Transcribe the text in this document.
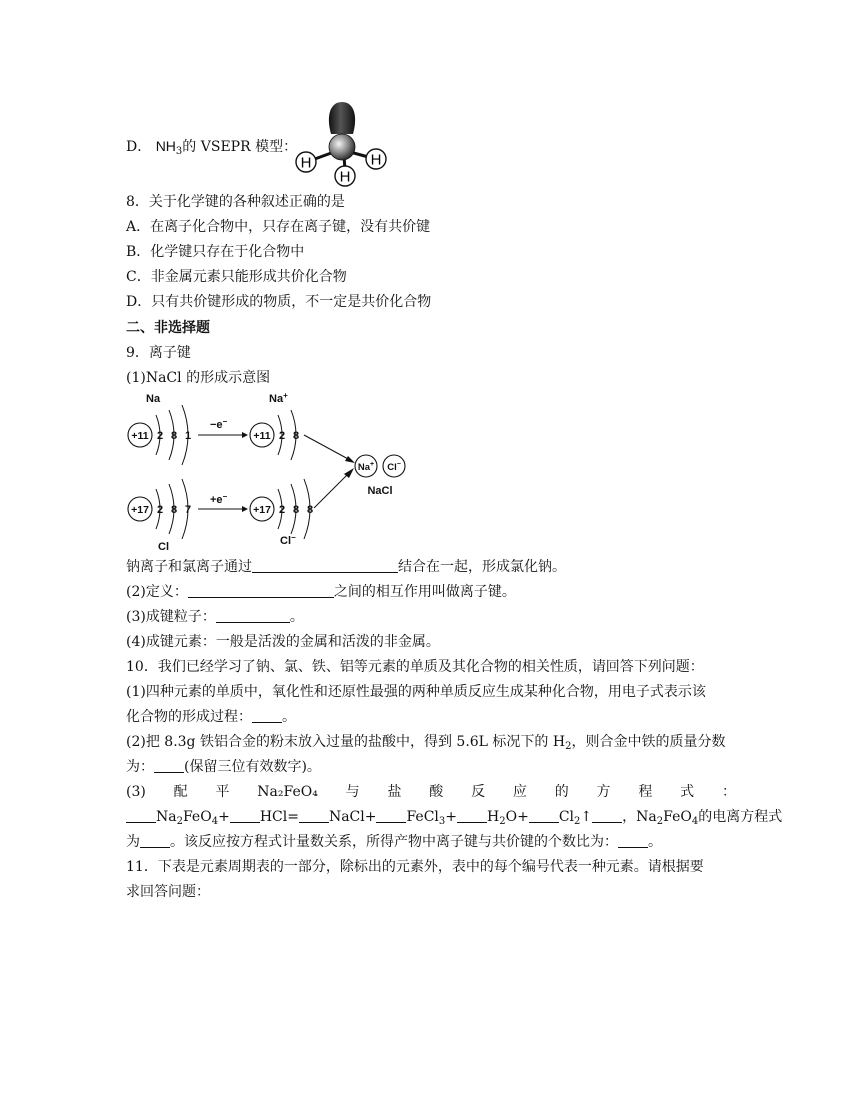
D． $NH_3$的 VSEPR 模型：
H	H
H
8．关于化学键的各种叙述正确的是
A．在离子化合物中，只存在离子键，没有共价键
B．化学键只存在于化合物中
C．非金属元素只能形成共价化合物
D．只有共价键形成的物质，不一定是共价化合物
二、非选择题
9．离子键
(1)NaCl 的形成示意图
Na
+11 2 8 1
−e−
Na+
+11 2 8
Na+ Cl−
NaCl
+17 2 8 7
Cl
+e−
+17 2 8 8
Cl−
钠离子和氯离子通过	结合在一起，形成氯化钠。
(2)定义：	之间的相互作用叫做离子键。
(3)成键粒子：	。
(4)成键元素：一般是活泼的金属和活泼的非金属。
10．我们已经学习了钠、氯、铁、铝等元素的单质及其化合物的相关性质，请回答下列问题：
(1)四种元素的单质中，氧化性和还原性最强的两种单质反应生成某种化合物，用电子式表示该
化合物的形成过程： 。
(2)把 8.3g 铁铝合金的粉末放入过量的盐酸中，得到 5.6L 标况下的 $H_2$，则合金中铁的质量分数
为： (保留三位有效数字)。
(3) 配 平 Na₂FeO₄ 与 盐 酸 反 应 的 方 程 式 ：
$Na_2FeO_4+ HCl=$ NaCl+ FeCl$_3$+ $H_2O+$ $Cl_2↑$ ，$Na_2FeO_4$的电离方程式
为 。该反应按方程式计量数关系，所得产物中离子键与共价键的个数比为： 。
11．下表是元素周期表的一部分，除标出的元素外，表中的每个编号代表一种元素。请根据要
求回答问题：
